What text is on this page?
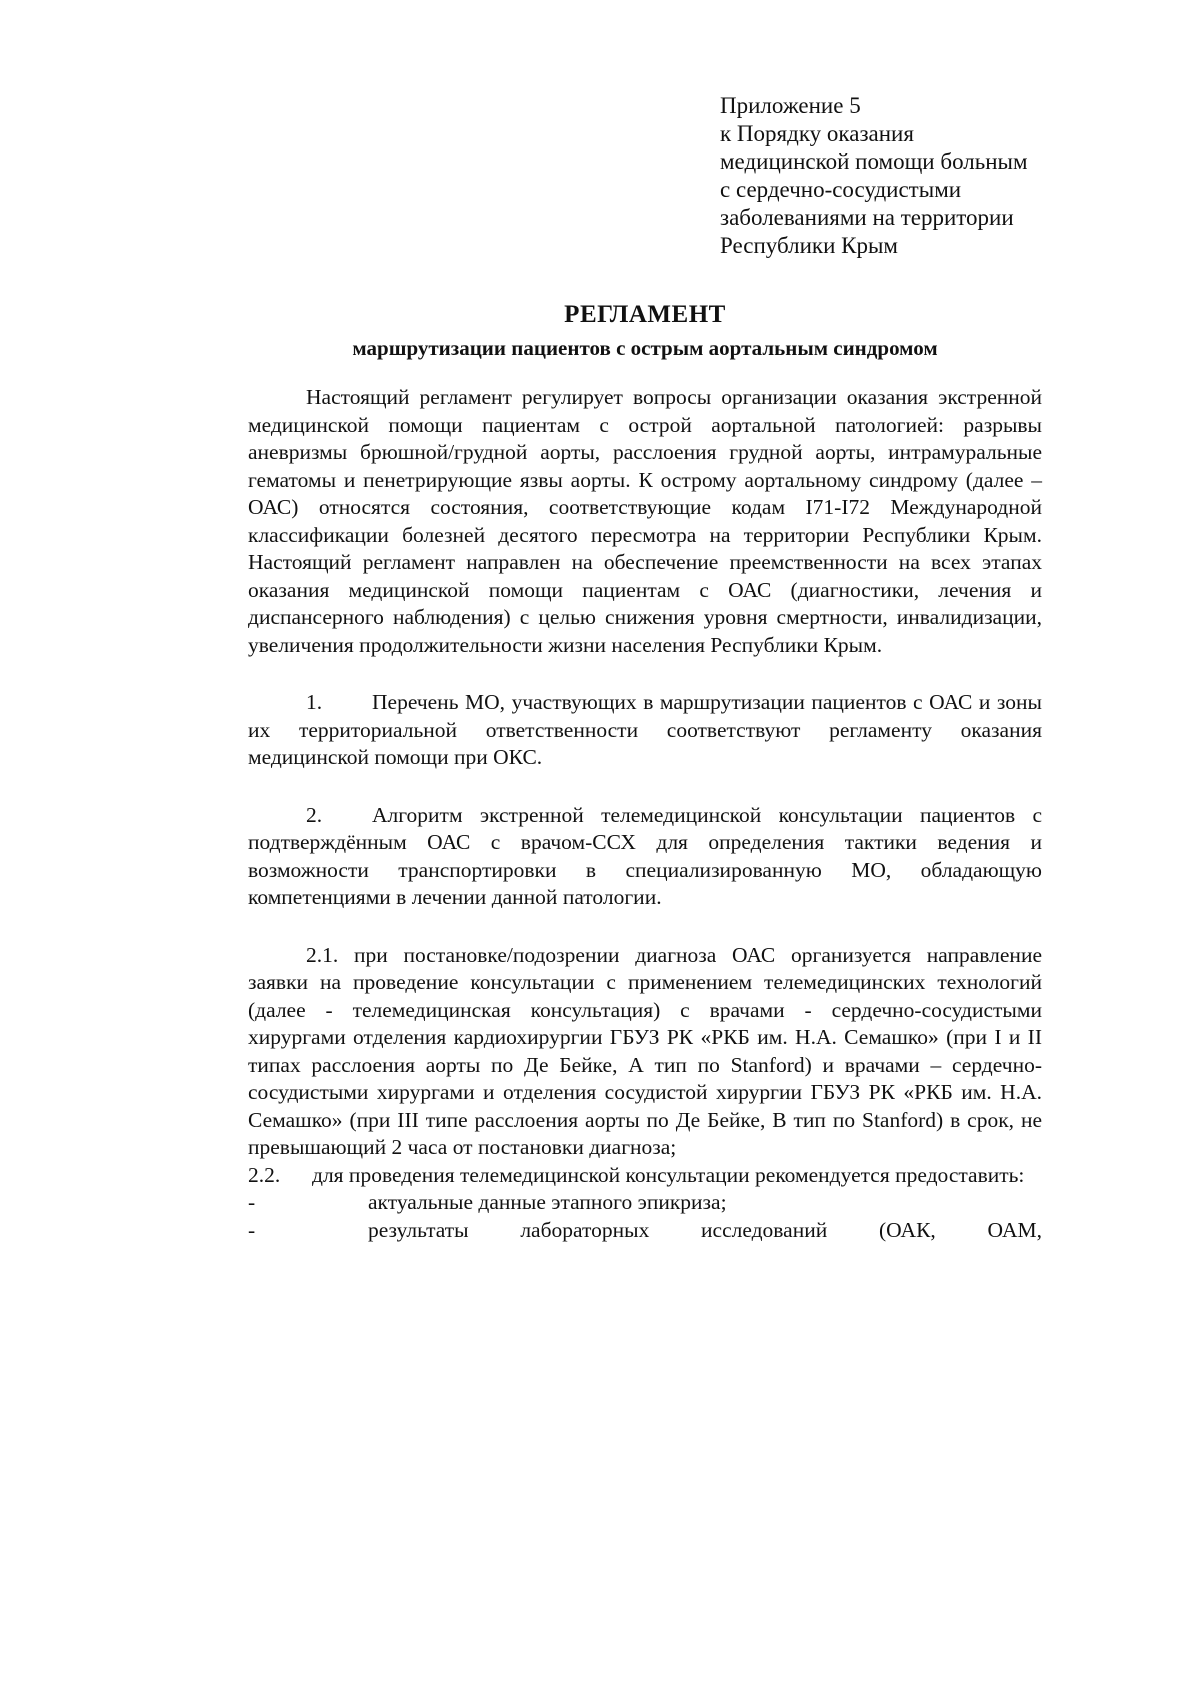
Приложение 5
к Порядку оказания
медицинской помощи больным
с сердечно-сосудистыми
заболеваниями на территории
Республики Крым
РЕГЛАМЕНТ
маршрутизации пациентов с острым аортальным синдромом

Настоящий регламент регулирует вопросы организации оказания экстренной медицинской помощи пациентам с острой аортальной патологией: разрывы аневризмы брюшной/грудной аорты, расслоения грудной аорты, интрамуральные гематомы и пенетрирующие язвы аорты. К острому аортальному синдрому (далее – ОАС) относятся состояния, соответствующие кодам I71-I72 Международной классификации болезней десятого пересмотра на территории Республики Крым. Настоящий регламент направлен на обеспечение преемственности на всех этапах оказания медицинской помощи пациентам с ОАС (диагностики, лечения и диспансерного наблюдения) с целью снижения уровня смертности, инвалидизации, увеличения продолжительности жизни населения Республики Крым.

1. Перечень МО, участвующих в маршрутизации пациентов с ОАС и зоны их территориальной ответственности соответствуют регламенту оказания медицинской помощи при ОКС.

2. Алгоритм экстренной телемедицинской консультации пациентов с подтверждённым ОАС с врачом-ССХ для определения тактики ведения и возможности транспортировки в специализированную МО, обладающую компетенциями в лечении данной патологии.

2.1. при постановке/подозрении диагноза ОАС организуется направление заявки на проведение консультации с применением телемедицинских технологий (далее - телемедицинская консультация) с врачами - сердечно-сосудистыми хирургами отделения кардиохирургии ГБУЗ РК «РКБ им. Н.А. Семашко» (при I и II типах расслоения аорты по Де Бейке, А тип по Stanford) и врачами – сердечно-сосудистыми хирургами и отделения сосудистой хирургии ГБУЗ РК «РКБ им. Н.А. Семашко» (при III типе расслоения аорты по Де Бейке, В тип по Stanford) в срок, не превышающий 2 часа от постановки диагноза;

2.2. для проведения телемедицинской консультации рекомендуется предоставить:

-	актуальные данные этапного эпикриза;

-	результаты лабораторных исследований (ОАК, ОАМ,
